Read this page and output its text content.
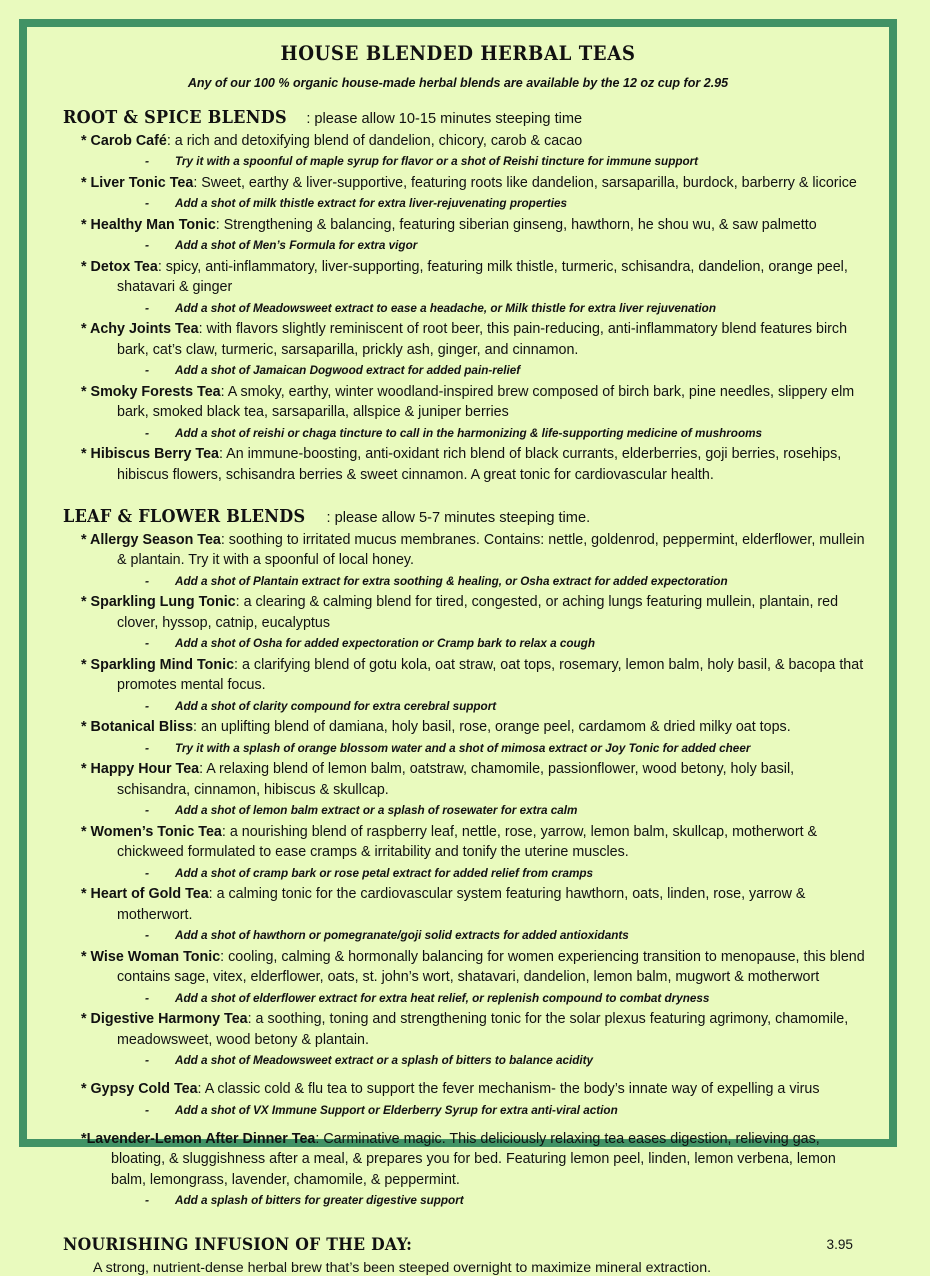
HOUSE BLENDED HERBAL TEAS
Any of our 100 % organic house-made herbal blends are available by the 12 oz cup for 2.95
ROOT & SPICE BLENDS : please allow 10-15 minutes steeping time
* Carob Café: a rich and detoxifying blend of dandelion, chicory, carob & cacao
- Try it with a spoonful of maple syrup for flavor or a shot of Reishi tincture for immune support
* Liver Tonic Tea: Sweet, earthy & liver-supportive, featuring roots like dandelion, sarsaparilla, burdock, barberry & licorice
- Add a shot of milk thistle extract for extra liver-rejuvenating properties
* Healthy Man Tonic: Strengthening & balancing, featuring siberian ginseng, hawthorn, he shou wu, & saw palmetto
- Add a shot of Men’s Formula for extra vigor
* Detox Tea: spicy, anti-inflammatory, liver-supporting, featuring milk thistle, turmeric, schisandra, dandelion, orange peel, shatavari & ginger
- Add a shot of Meadowsweet extract to ease a headache, or Milk thistle for extra liver rejuvenation
* Achy Joints Tea: with flavors slightly reminiscent of root beer, this pain-reducing, anti-inflammatory blend features birch bark, cat’s claw, turmeric, sarsaparilla, prickly ash, ginger, and cinnamon.
- Add a shot of Jamaican Dogwood extract for added pain-relief
* Smoky Forests Tea: A smoky, earthy, winter woodland-inspired brew composed of birch bark, pine needles, slippery elm bark, smoked black tea, sarsaparilla, allspice & juniper berries
- Add a shot of reishi or chaga tincture to call in the harmonizing & life-supporting medicine of mushrooms
* Hibiscus Berry Tea: An immune-boosting, anti-oxidant rich blend of black currants, elderberries, goji berries, rosehips, hibiscus flowers, schisandra berries & sweet cinnamon. A great tonic for cardiovascular health.
LEAF & FLOWER BLENDS : please allow 5-7 minutes steeping time.
* Allergy Season Tea: soothing to irritated mucus membranes. Contains: nettle, goldenrod, peppermint, elderflower, mullein & plantain. Try it with a spoonful of local honey.
- Add a shot of Plantain extract for extra soothing & healing, or Osha extract for added expectoration
* Sparkling Lung Tonic: a clearing & calming blend for tired, congested, or aching lungs featuring mullein, plantain, red clover, hyssop, catnip, eucalyptus
- Add a shot of Osha for added expectoration or Cramp bark to relax a cough
* Sparkling Mind Tonic: a clarifying blend of gotu kola, oat straw, oat tops, rosemary, lemon balm, holy basil, & bacopa that promotes mental focus.
-Add a shot of clarity compound for extra cerebral support
* Botanical Bliss: an uplifting blend of damiana, holy basil, rose, orange peel, cardamom & dried milky oat tops.
- Try it with a splash of orange blossom water and a shot of mimosa extract or Joy Tonic for added cheer
* Happy Hour Tea: A relaxing blend of lemon balm, oatstraw, chamomile, passionflower, wood betony, holy basil, schisandra, cinnamon, hibiscus & skullcap.
- Add a shot of lemon balm extract or a splash of rosewater for extra calm
* Women’s Tonic Tea: a nourishing blend of raspberry leaf, nettle, rose, yarrow, lemon balm, skullcap, motherwort & chickweed formulated to ease cramps & irritability and tonify the uterine muscles.
- Add a shot of cramp bark or rose petal extract for added relief from cramps
* Heart of Gold Tea: a calming tonic for the cardiovascular system featuring hawthorn, oats, linden, rose, yarrow & motherwort.
- Add a shot of hawthorn or pomegranate/goji solid extracts for added antioxidants
* Wise Woman Tonic: cooling, calming & hormonally balancing for women experiencing transition to menopause, this blend contains sage, vitex, elderflower, oats, st. john’s wort, shatavari, dandelion, lemon balm, mugwort & motherwort
- Add a shot of elderflower extract for extra heat relief, or replenish compound to combat dryness
* Digestive Harmony Tea: a soothing, toning and strengthening tonic for the solar plexus featuring agrimony, chamomile, meadowsweet, wood betony & plantain.
- Add a shot of Meadowsweet extract or a splash of bitters to balance acidity
* Gypsy Cold Tea: A classic cold & flu tea to support the fever mechanism- the body’s innate way of expelling a virus
- Add a shot of VX Immune Support or Elderberry Syrup for extra anti-viral action
*Lavender-Lemon After Dinner Tea: Carminative magic. This deliciously relaxing tea eases digestion, relieving gas, bloating, & sluggishness after a meal, & prepares you for bed. Featuring lemon peel, linden, lemon verbena, lemon balm, lemongrass, lavender, chamomile, & peppermint.
- Add a splash of bitters for greater digestive support
NOURISHING INFUSION OF THE DAY:	3.95
A strong, nutrient-dense herbal brew that’s been steeped overnight to maximize mineral extraction.
